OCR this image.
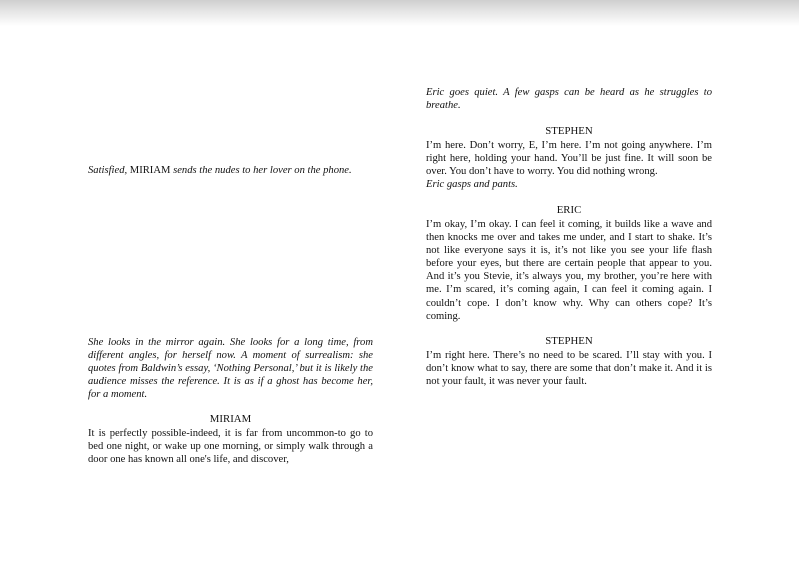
Satisfied, MIRIAM sends the nudes to her lover on the phone.
She looks in the mirror again. She looks for a long time, from different angles, for herself now. A moment of surrealism: she quotes from Baldwin’s essay, ‘Nothing Personal,’ but it is likely the audience misses the reference. It is as if a ghost has become her, for a moment.
MIRIAM
It is perfectly possible-indeed, it is far from uncommon-to go to bed one night, or wake up one morning, or simply walk through a door one has known all one's life, and discover,
Eric goes quiet. A few gasps can be heard as he struggles to breathe.
STEPHEN
I’m here. Don’t worry, E, I’m here. I’m not going anywhere. I’m right here, holding your hand. You’ll be just fine. It will soon be over. You don’t have to worry. You did nothing wrong.
Eric gasps and pants.
ERIC
I’m okay, I’m okay. I can feel it coming, it builds like a wave and then knocks me over and takes me under, and I start to shake. It’s not like everyone says it is, it’s not like you see your life flash before your eyes, but there are certain people that appear to you. And it’s you Stevie, it’s always you, my brother, you’re here with me. I’m scared, it’s coming again, I can feel it coming again. I couldn’t cope. I don’t know why. Why can others cope? It’s coming.
STEPHEN
I’m right here. There’s no need to be scared. I’ll stay with you. I don’t know what to say, there are some that don’t make it. And it is not your fault, it was never your fault.
